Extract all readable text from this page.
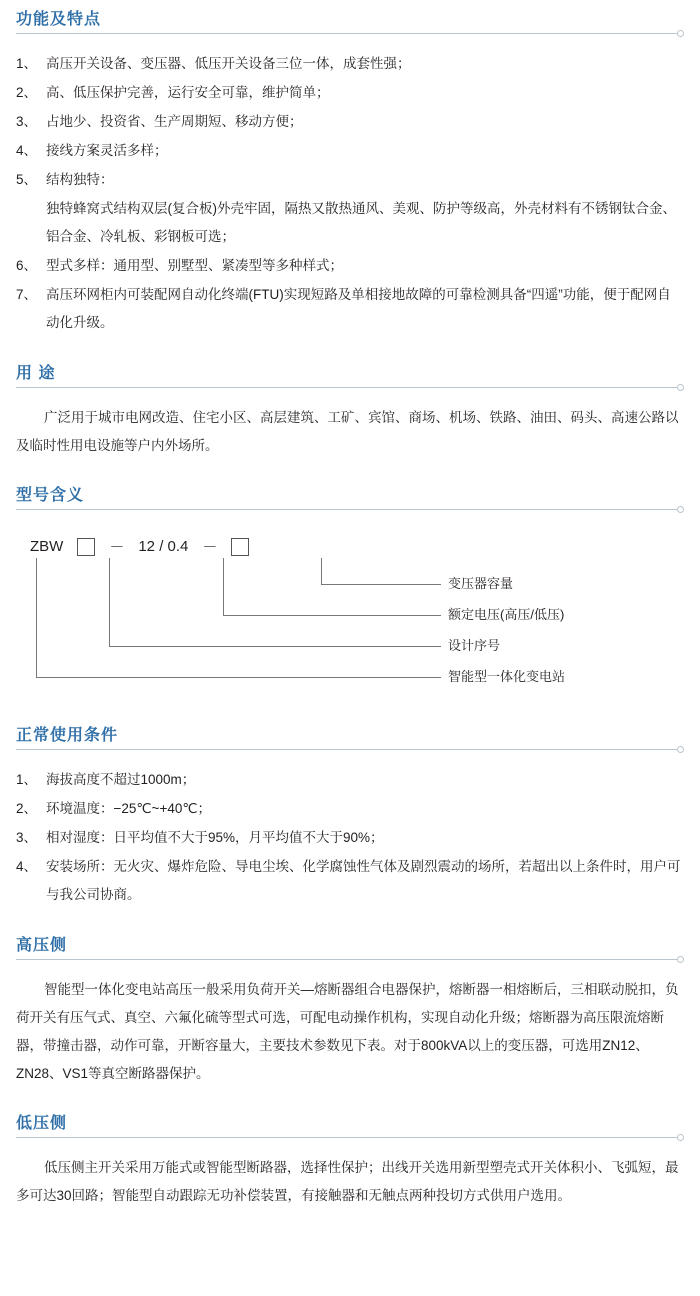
功能及特点
1、 高压开关设备、变压器、低压开关设备三位一体，成套性强；
2、 高、低压保护完善，运行安全可靠，维护简单；
3、 占地少、投资省、生产周期短、移动方便；
4、 接线方案灵活多样；
5、 结构独特：
独特蜂窝式结构双层(复合板)外壳牢固，隔热又散热通风、美观、防护等级高，外壳材料有不锈钢钛合金、铝合金、冷轧板、彩钢板可选；
6、 型式多样：通用型、别墅型、紧凑型等多种样式；
7、 高压环网柜内可装配网自动化终端(FTU)实现短路及单相接地故障的可靠检测具备“四遥”功能，便于配网自动化升级。
用 途

广泛用于城市电网改造、住宅小区、高层建筑、工矿、宾馆、商场、机场、铁路、油田、码头、高速公路以及临时性用电设施等户内外场所。

型号含义
ZBW	－ 12 / 0.4 －
变压器容量
额定电压(高压/低压)
设计序号
智能型一体化变电站
正常使用条件
1、 海拔高度不超过1000m；
2、 环境温度：−25℃~+40℃；
3、 相对湿度：日平均值不大于95%，月平均值不大于90%；
4、 安装场所：无火灾、爆炸危险、导电尘埃、化学腐蚀性气体及剧烈震动的场所，若超出以上条件时，用户可与我公司协商。
高压侧

智能型一体化变电站高压一般采用负荷开关—熔断器组合电器保护，熔断器一相熔断后，三相联动脱扣，负荷开关有压气式、真空、六氟化硫等型式可选，可配电动操作机构，实现自动化升级；熔断器为高压限流熔断器，带撞击器，动作可靠，开断容量大，主要技术参数见下表。对于800kVA以上的变压器，可选用ZN12、ZN28、VS1等真空断路器保护。

低压侧

低压侧主开关采用万能式或智能型断路器，选择性保护；出线开关选用新型塑壳式开关体积小、飞弧短，最多可达30回路；智能型自动跟踪无功补偿装置，有接触器和无触点两种投切方式供用户选用。
